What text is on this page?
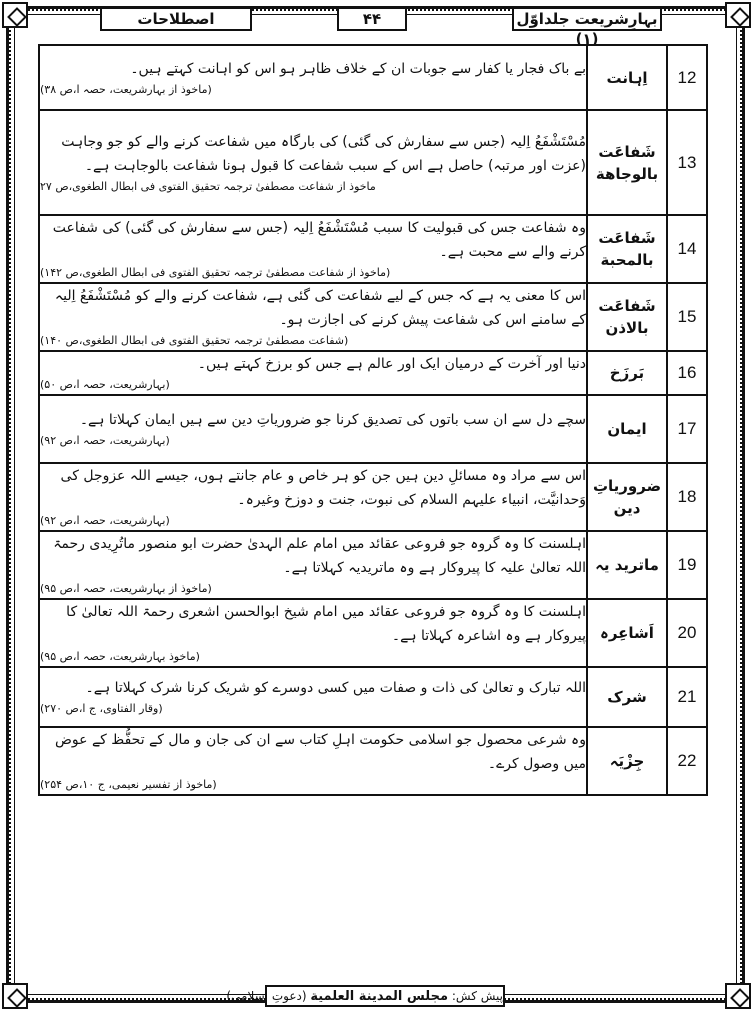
اصطلاحات	۴۴	بہارِشریعت جلداوّل (۱)
12	اِہانت	بے باک فجار یا کفار سے جوبات ان کے خلاف ظاہر ہو اس کو اہانت کہتے ہیں۔
(ماخوذ از بہارشریعت، حصہ ا،ص ۳۸)

13	شَفاعَت بالوجاھة	مُسْتَشْفَعُ اِلیہ (جس سے سفارش کی گئی) کی بارگاہ میں شفاعت کرنے والے کو جو وجاہت (عزت اور مرتبہ) حاصل ہے اس کے سبب شفاعت کا قبول ہونا شفاعت بالوجاہت ہے۔
ماخوذ از شفاعت مصطفیٰ ترجمہ تحقیق الفتوی فی ابطال الطغوی،ص ۲۷

14	شَفاعَت بالمحبة	وہ شفاعت جس کی قبولیت کا سبب مُسْتَشْفَعُ اِلیہ (جس سے سفارش کی گئی) کی شفاعت کرنے والے سے محبت ہے۔
(ماخوذ از شفاعت مصطفیٰ ترجمہ تحقیق الفتوی فی ابطال الطغوی،ص ۱۴۲)

15	شَفاعَت بالاذن	اس کا معنی یہ ہے کہ جس کے لیے شفاعت کی گئی ہے، شفاعت کرنے والے کو مُسْتَشْفَعُ اِلیہ کے سامنے اس کی شفاعت پیش کرنے کی اجازت ہو۔
(شفاعت مصطفیٰ ترجمہ تحقیق الفتوی فی ابطال الطغوی،ص ۱۴۰)

16	بَرزَخ	دنیا اور آخرت کے درمیان ایک اور عالم ہے جس کو برزخ کہتے ہیں۔
(بہارشریعت، حصہ ا،ص ۵۰)

17	ایمان	سچے دل سے ان سب باتوں کی تصدیق کرنا جو ضروریاتِ دین سے ہیں ایمان کہلاتا ہے۔
(بہارشریعت، حصہ ا،ص ۹۲)

18	ضروریاتِ دین	اس سے مراد وہ مسائلِ دین ہیں جن کو ہر خاص و عام جانتے ہوں، جیسے اللہ عزوجل کی وَحدانیَّت، انبیاء علیہم السلام کی نبوت، جنت و دوزخ وغیرہ۔
(بہارشریعت، حصہ ا،ص ۹۲)

19	ماترید یہ	اہلسنت کا وہ گروہ جو فروعی عقائد میں امام علم الہدیٰ حضرت ابو منصور ماتُرِیدی رحمۃ اللہ تعالیٰ علیہ کا پیروکار ہے وہ ماتریدیہ کہلاتا ہے۔
(ماخوذ از بہارشریعت، حصہ ا،ص ۹۵)

20	اَشاعِرہ	اہلسنت کا وہ گروہ جو فروعی عقائد میں امام شیخ ابوالحسن اشعری رحمۃ اللہ تعالیٰ کا پیروکار ہے وہ اشاعرہ کہلاتا ہے۔
(ماخوذ بہارشریعت، حصہ ا،ص ۹۵)

21	شرک	اللہ تبارک و تعالیٰ کی ذات و صفات میں کسی دوسرے کو شریک کرنا شرک کہلاتا ہے۔
(وقار الفتاوی، ج ا،ص ۲۷۰)

22	جِزْیَہ	وہ شرعی محصول جو اسلامی حکومت اہلِ کتاب سے ان کی جان و مال کے تحفُّظ کے عوض میں وصول کرے۔
(ماخوذ از تفسیر نعیمی، ج ۱۰،ص ۲۵۴)
پیش کش: مجلس المدینة العلمیة (دعوتِ اسلامی)
